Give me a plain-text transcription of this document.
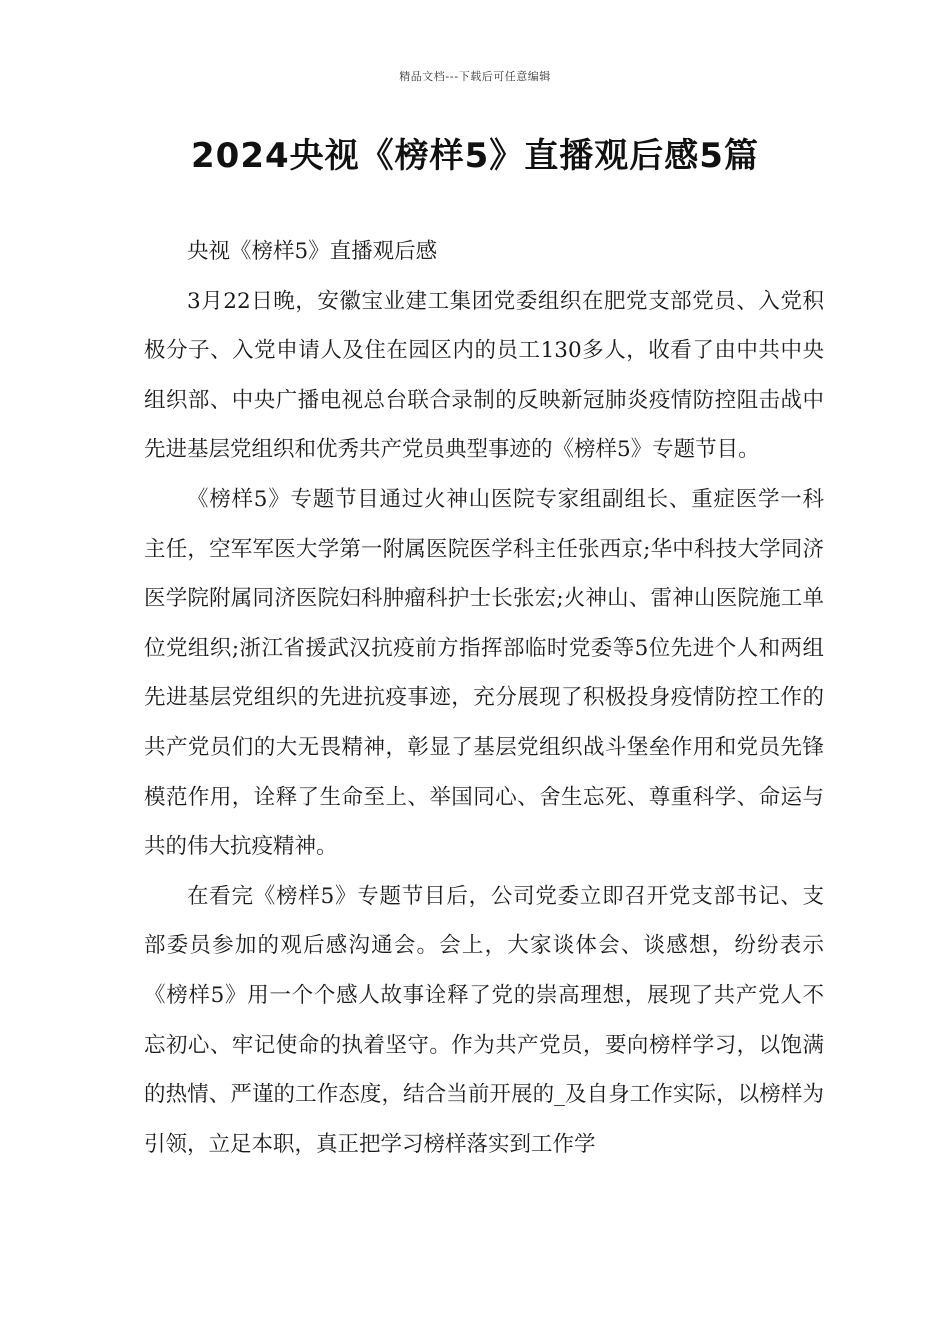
精品文档---下载后可任意编辑
2024央视《榜样5》直播观后感5篇

央视《榜样5》直播观后感

3月22日晚，安徽宝业建工集团党委组织在肥党支部党员、入党积极分子、入党申请人及住在园区内的员工130多人，收看了由中共中央组织部、中央广播电视总台联合录制的反映新冠肺炎疫情防控阻击战中先进基层党组织和优秀共产党员典型事迹的《榜样5》专题节目。

《榜样5》专题节目通过火神山医院专家组副组长、重症医学一科主任，空军军医大学第一附属医院医学科主任张西京;华中科技大学同济医学院附属同济医院妇科肿瘤科护士长张宏;火神山、雷神山医院施工单位党组织;浙江省援武汉抗疫前方指挥部临时党委等5位先进个人和两组先进基层党组织的先进抗疫事迹，充分展现了积极投身疫情防控工作的共产党员们的大无畏精神，彰显了基层党组织战斗堡垒作用和党员先锋模范作用，诠释了生命至上、举国同心、舍生忘死、尊重科学、命运与共的伟大抗疫精神。

在看完《榜样5》专题节目后，公司党委立即召开党支部书记、支部委员参加的观后感沟通会。会上，大家谈体会、谈感想，纷纷表示《榜样5》用一个个感人故事诠释了党的崇高理想，展现了共产党人不忘初心、牢记使命的执着坚守。作为共产党员，要向榜样学习，以饱满的热情、严谨的工作态度，结合当前开展的_及自身工作实际，以榜样为引领，立足本职，真正把学习榜样落实到工作学
